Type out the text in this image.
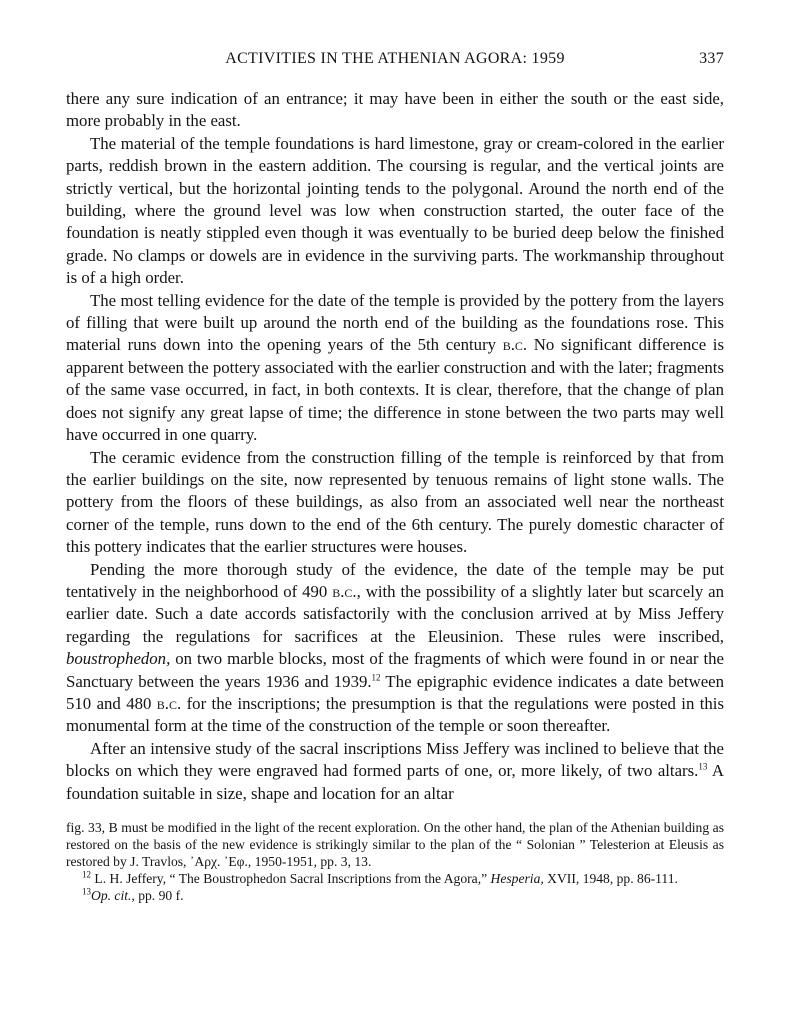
ACTIVITIES IN THE ATHENIAN AGORA: 1959	337

there any sure indication of an entrance; it may have been in either the south or the east side, more probably in the east.

The material of the temple foundations is hard limestone, gray or cream-colored in the earlier parts, reddish brown in the eastern addition. The coursing is regular, and the vertical joints are strictly vertical, but the horizontal jointing tends to the polygonal. Around the north end of the building, where the ground level was low when construction started, the outer face of the foundation is neatly stippled even though it was eventually to be buried deep below the finished grade. No clamps or dowels are in evidence in the surviving parts. The workmanship throughout is of a high order.

The most telling evidence for the date of the temple is provided by the pottery from the layers of filling that were built up around the north end of the building as the foundations rose. This material runs down into the opening years of the 5th century b.c. No significant difference is apparent between the pottery associated with the earlier construction and with the later; fragments of the same vase occurred, in fact, in both contexts. It is clear, therefore, that the change of plan does not signify any great lapse of time; the difference in stone between the two parts may well have occurred in one quarry.

The ceramic evidence from the construction filling of the temple is reinforced by that from the earlier buildings on the site, now represented by tenuous remains of light stone walls. The pottery from the floors of these buildings, as also from an associated well near the northeast corner of the temple, runs down to the end of the 6th century. The purely domestic character of this pottery indicates that the earlier structures were houses.

Pending the more thorough study of the evidence, the date of the temple may be put tentatively in the neighborhood of 490 b.c., with the possibility of a slightly later but scarcely an earlier date. Such a date accords satisfactorily with the conclusion arrived at by Miss Jeffery regarding the regulations for sacrifices at the Eleusinion. These rules were inscribed, boustrophedon, on two marble blocks, most of the fragments of which were found in or near the Sanctuary between the years 1936 and 1939.12 The epigraphic evidence indicates a date between 510 and 480 b.c. for the inscriptions; the presumption is that the regulations were posted in this monumental form at the time of the construction of the temple or soon thereafter.

After an intensive study of the sacral inscriptions Miss Jeffery was inclined to believe that the blocks on which they were engraved had formed parts of one, or, more likely, of two altars.$^{13}$ A foundation suitable in size, shape and location for an altar

fig. 33, B must be modified in the light of the recent exploration. On the other hand, the plan of the Athenian building as restored on the basis of the new evidence is strikingly similar to the plan of the “ Solonian ” Telesterion at Eleusis as restored by J. Travlos, ᾿Aρχ. ᾿Eφ., 1950-1951, pp. 3, 13.

$^{12}$ L. H. Jeffery, “ The Boustrophedon Sacral Inscriptions from the Agora,” Hesperia, XVII, 1948, pp. 86-111.

$^{13}$Op. cit., pp. 90 f.
